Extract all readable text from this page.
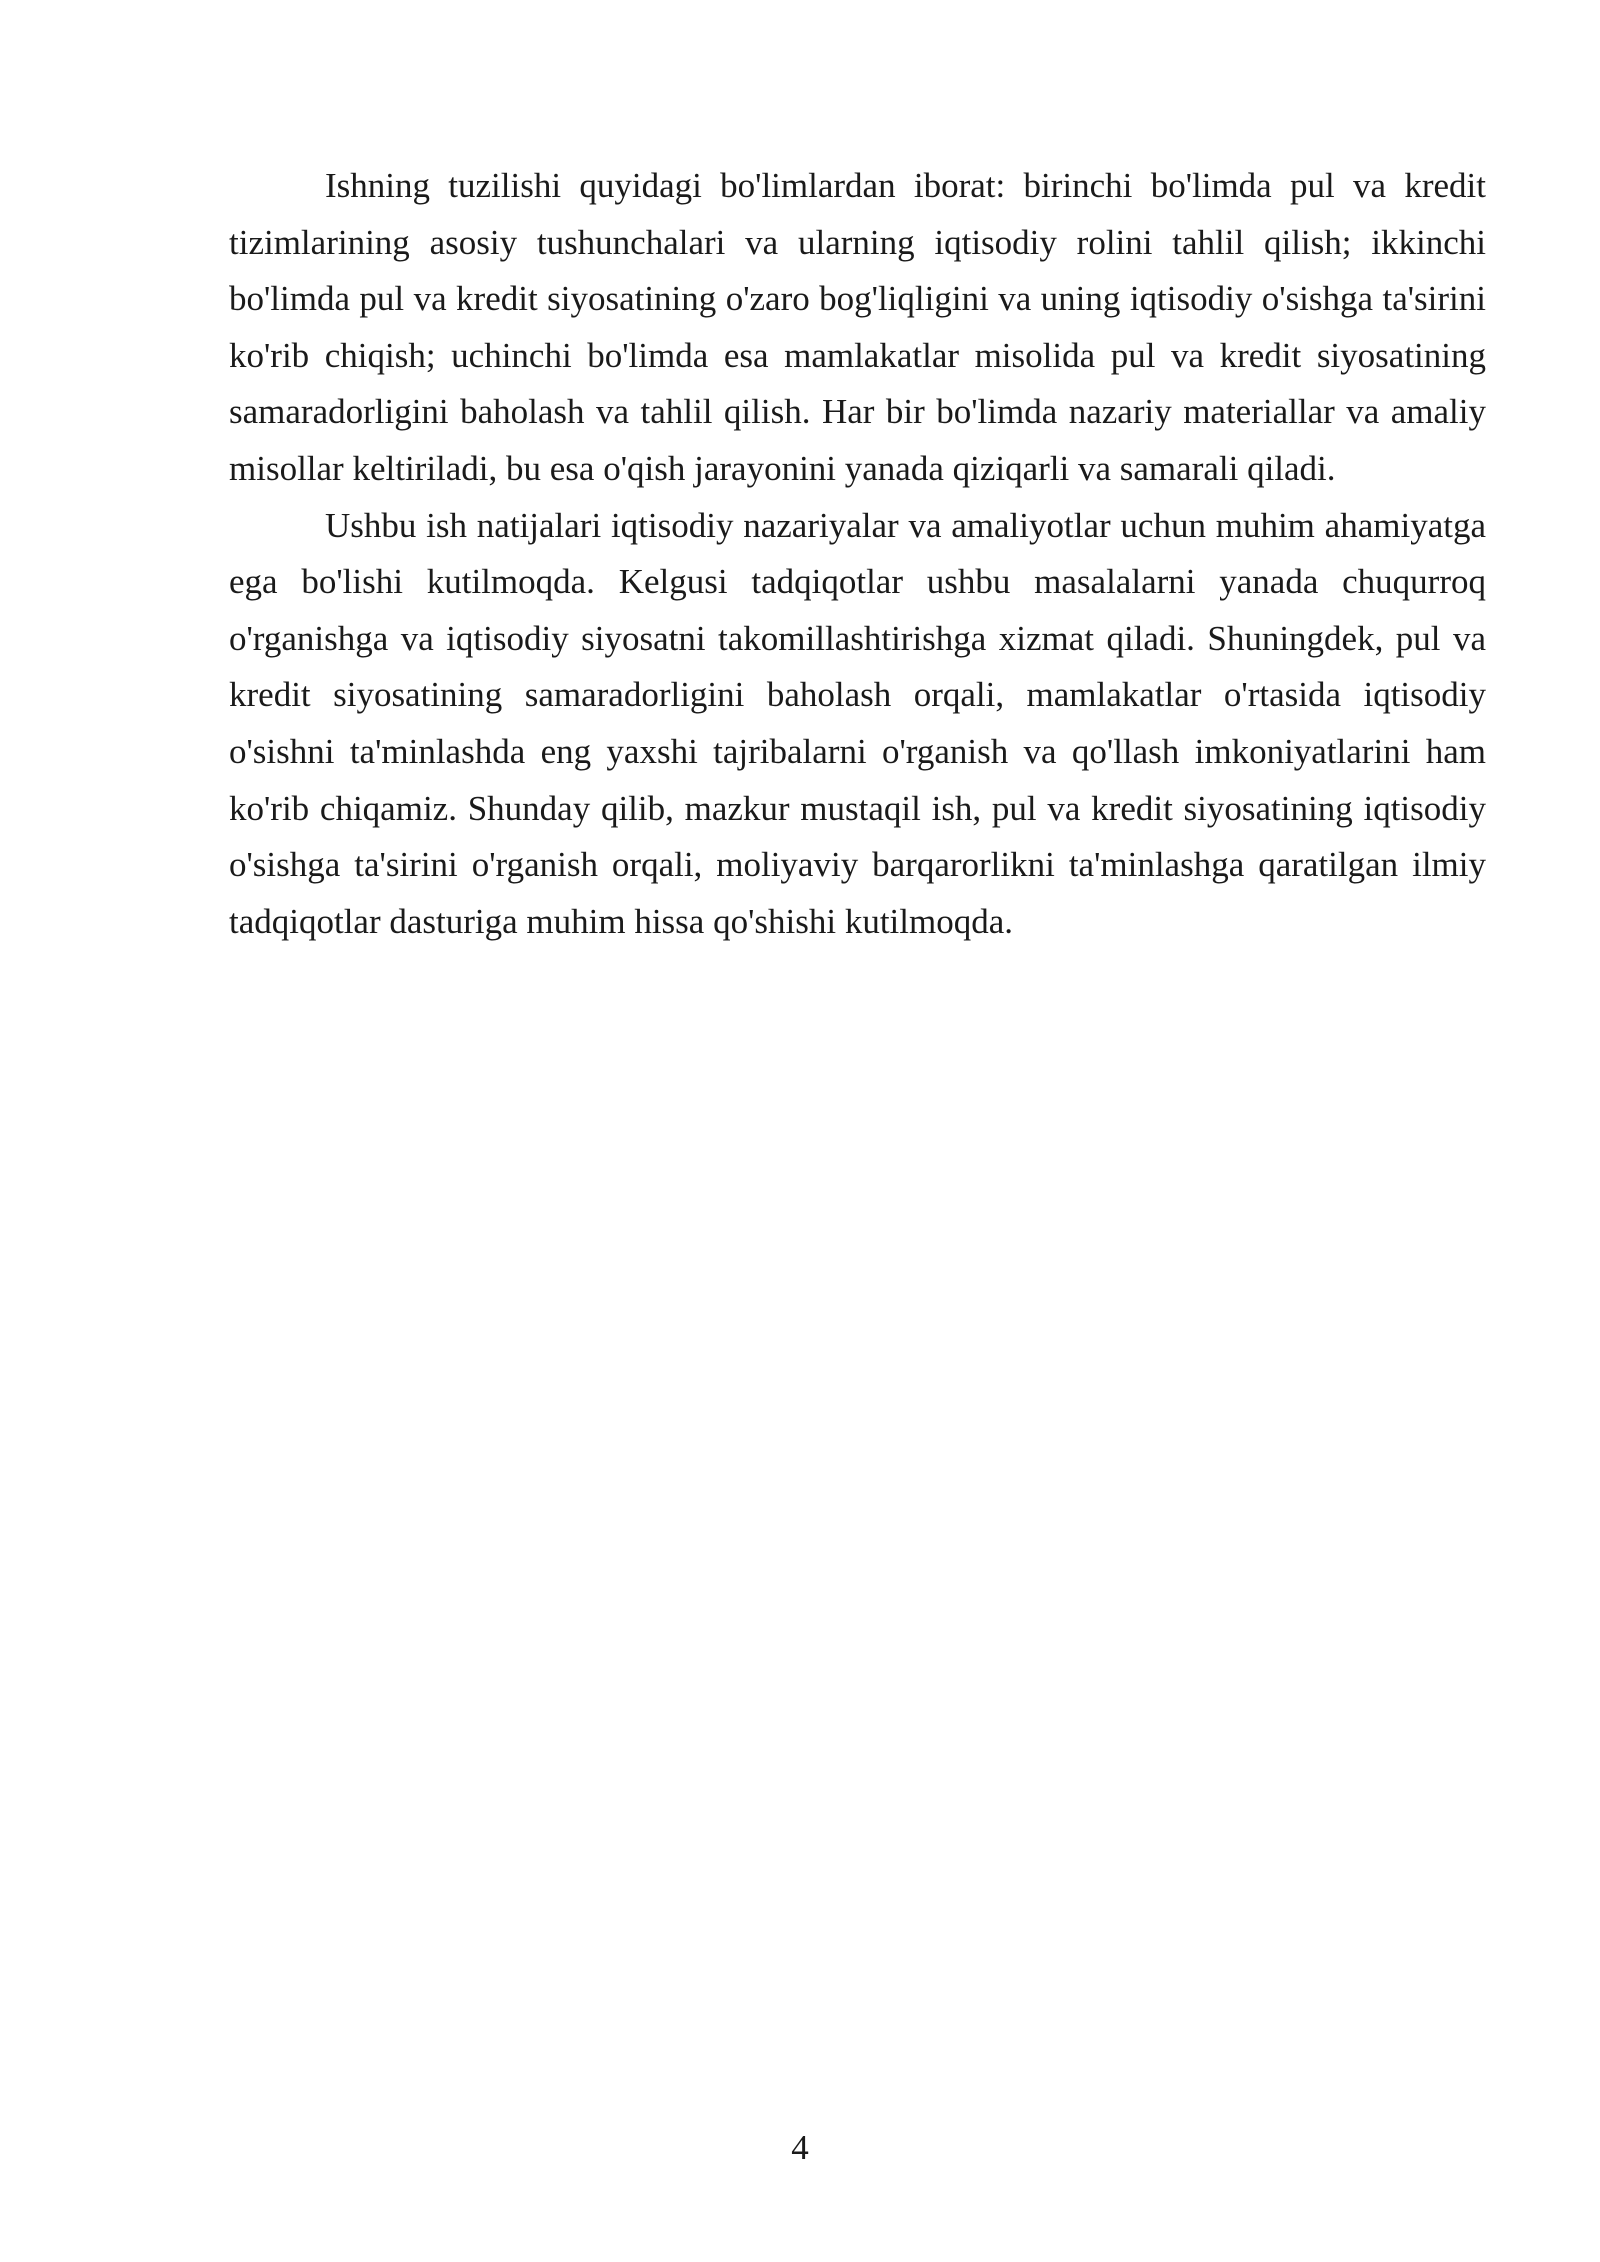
Ishning tuzilishi quyidagi bo'limlardan iborat: birinchi bo'limda pul va kredit tizimlarining asosiy tushunchalari va ularning iqtisodiy rolini tahlil qilish; ikkinchi bo'limda pul va kredit siyosatining o'zaro bog'liqligini va uning iqtisodiy o'sishga ta'sirini ko'rib chiqish; uchinchi bo'limda esa mamlakatlar misolida pul va kredit siyosatining samaradorligini baholash va tahlil qilish. Har bir bo'limda nazariy materiallar va amaliy misollar keltiriladi, bu esa o'qish jarayonini yanada qiziqarli va samarali qiladi.

Ushbu ish natijalari iqtisodiy nazariyalar va amaliyotlar uchun muhim ahamiyatga ega bo'lishi kutilmoqda. Kelgusi tadqiqotlar ushbu masalalarni yanada chuqurroq o'rganishga va iqtisodiy siyosatni takomillashtirishga xizmat qiladi. Shuningdek, pul va kredit siyosatining samaradorligini baholash orqali, mamlakatlar o'rtasida iqtisodiy o'sishni ta'minlashda eng yaxshi tajribalarni o'rganish va qo'llash imkoniyatlarini ham ko'rib chiqamiz. Shunday qilib, mazkur mustaqil ish, pul va kredit siyosatining iqtisodiy o'sishga ta'sirini o'rganish orqali, moliyaviy barqarorlikni ta'minlashga qaratilgan ilmiy tadqiqotlar dasturiga muhim hissa qo'shishi kutilmoqda.

4
